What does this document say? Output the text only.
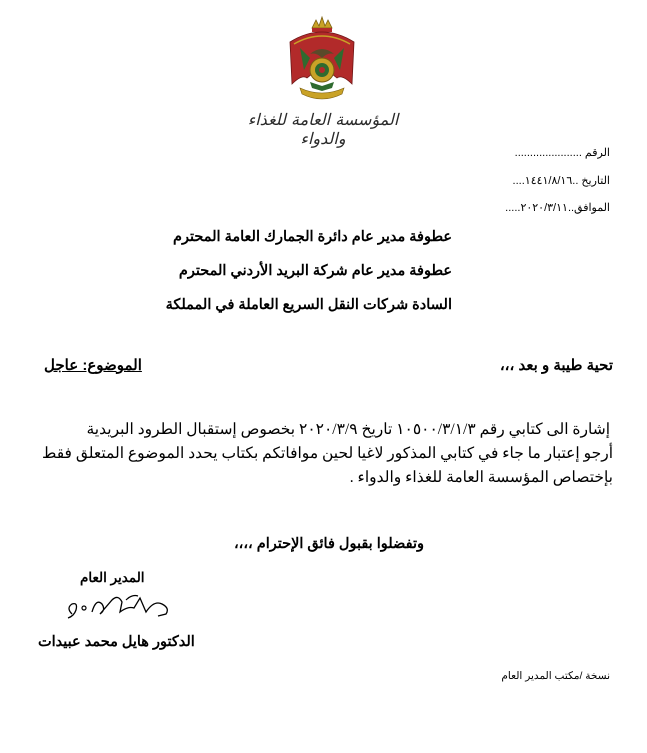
المؤسسة العامة للغذاء والدواء
الرقم ......................
التاريخ ..١٤٤١/٨/١٦....
الموافق..٢٠٢٠/٣/١١.....
عطوفة مدير عام دائرة الجمارك العامة المحترم
عطوفة مدير عام شركة البريد الأردني المحترم
السادة شركات النقل السريع العاملة في المملكة
تحية طيبة و بعد ،،،
الموضوع: عاجل
إشارة الى كتابي رقم ١٠٥٠٠/٣/١/٣ تاريخ ٢٠٢٠/٣/٩ بخصوص إستقبال الطرود البريدية
أرجو إعتبار ما جاء في كتابي المذكور لاغيا لحين موافاتكم بكتاب يحدد الموضوع المتعلق فقط
بإختصاص المؤسسة العامة للغذاء والدواء .
وتفضلوا بقبول فائق الإحترام ،،،،
المدير العام
الدكتور هايل محمد عبيدات
نسخة /مكتب المدير العام
